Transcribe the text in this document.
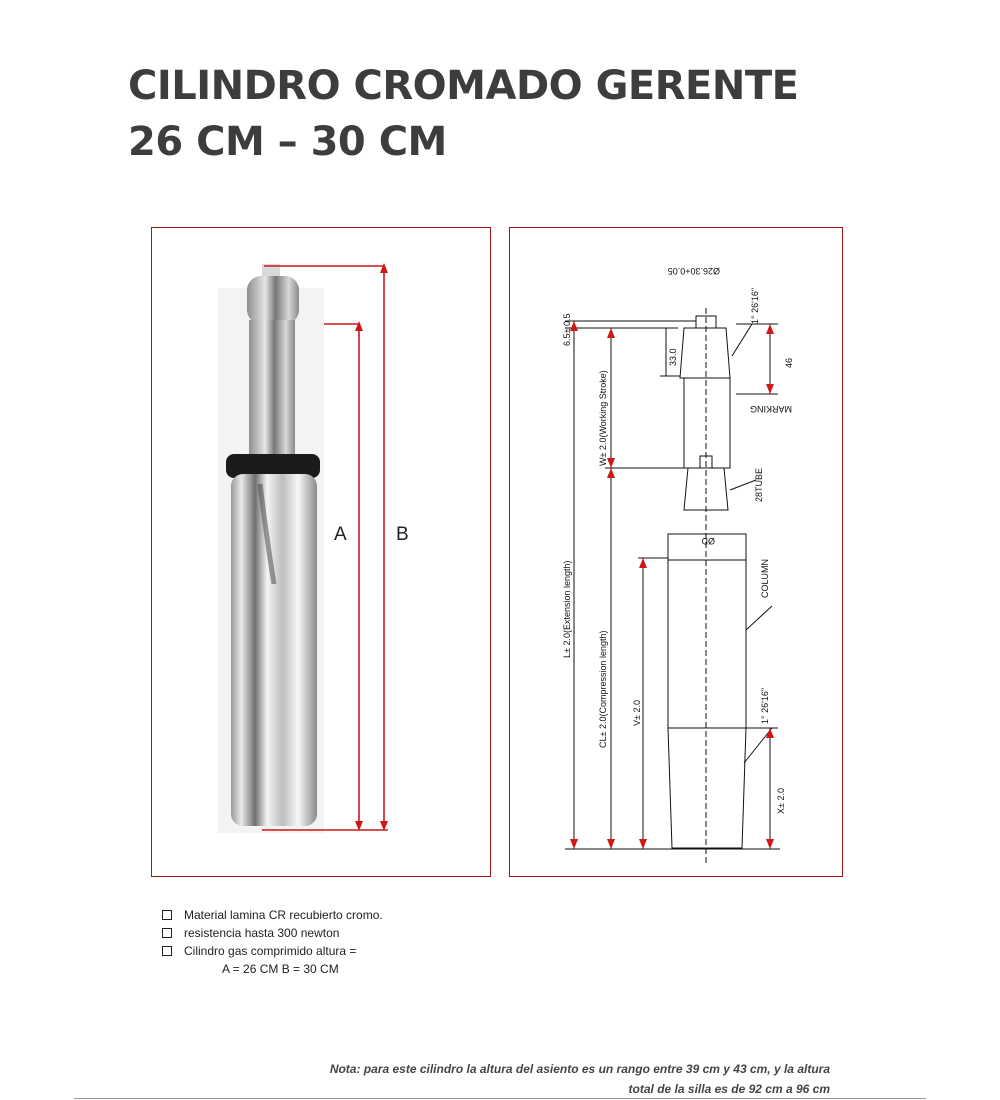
CILINDRO CROMADO GERENTE
26 CM – 30 CM
A	B
Ø26.30+0.05
1° 26'16"
46
MARKING
33.0
6.5± 0.5
W± 2.0(Working Stroke)
28TUBE
ØD
COLUMN
L± 2.0(Extension length)
CL± 2.0(Compression length)	V± 2.0	1° 26'16"
X± 2.0
Material lamina CR recubierto cromo.
resistencia hasta 300 newton
Cilindro gas comprimido altura =
A = 26 CM B = 30 CM
Nota: para este cilindro la altura del asiento es un rango entre 39 cm y 43 cm, y la altura
total de la silla es de 92 cm a 96 cm
